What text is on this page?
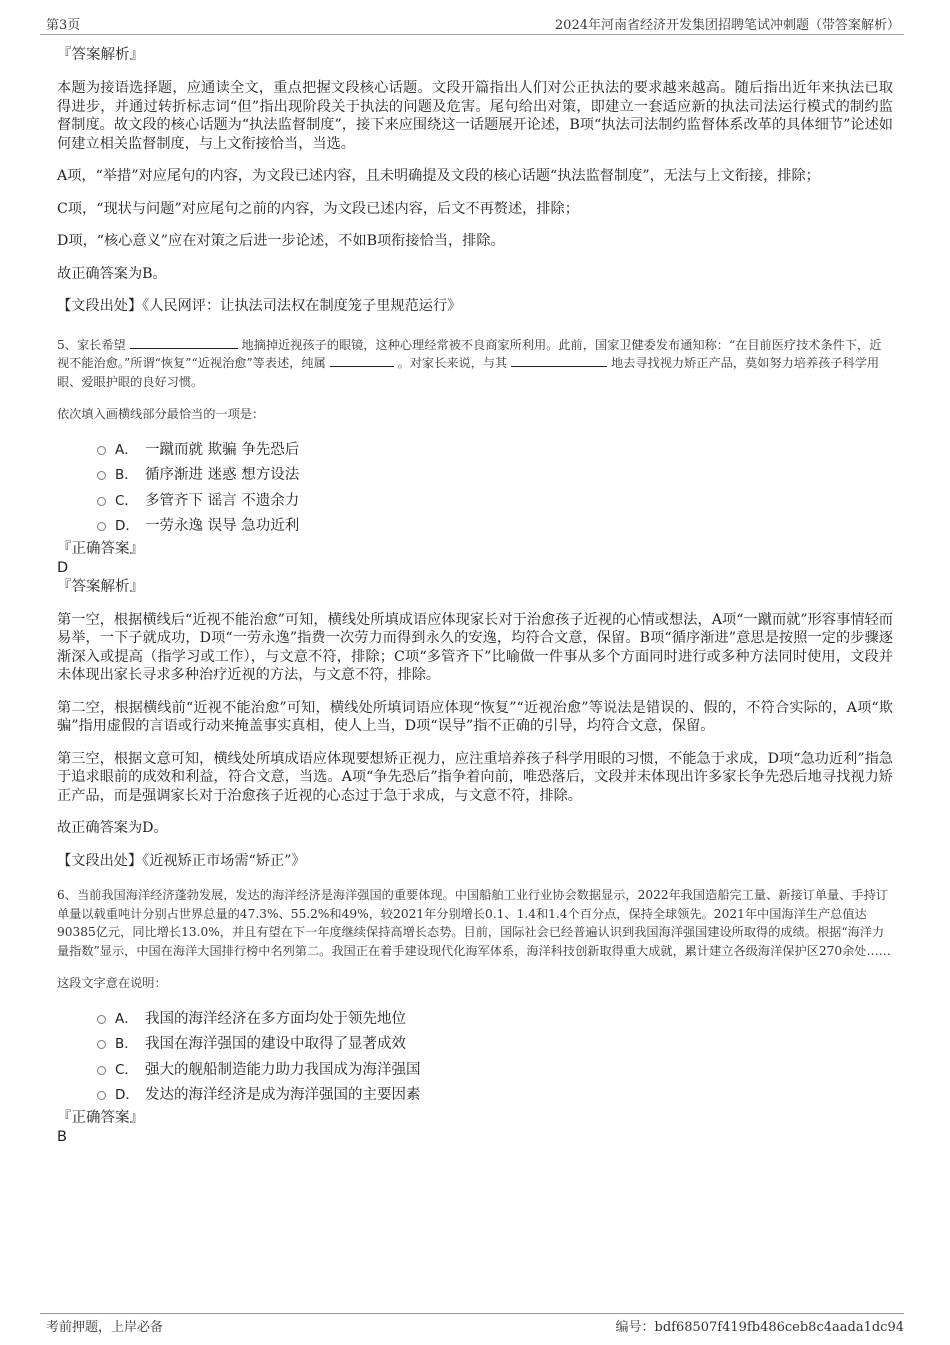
第3页	2024年河南省经济开发集团招聘笔试冲刺题（带答案解析）

『答案解析』

本题为接语选择题，应通读全文，重点把握文段核心话题。文段开篇指出人们对公正执法的要求越来越高。随后指出近年来执法已取得进步，并通过转折标志词“但”指出现阶段关于执法的问题及危害。尾句给出对策，即建立一套适应新的执法司法运行模式的制约监督制度。故文段的核心话题为“执法监督制度”，接下来应围绕这一话题展开论述，B项“执法司法制约监督体系改革的具体细节”论述如何建立相关监督制度，与上文衔接恰当，当选。

A项，“举措”对应尾句的内容，为文段已述内容，且未明确提及文段的核心话题“执法监督制度”，无法与上文衔接，排除；

C项，“现状与问题”对应尾句之前的内容，为文段已述内容，后文不再赘述，排除；

D项，“核心意义”应在对策之后进一步论述，不如B项衔接恰当，排除。

故正确答案为B。

【文段出处】《人民网评：让执法司法权在制度笼子里规范运行》

5、家长希望	地摘掉近视孩子的眼镜，这种心理经常被不良商家所利用。此前，国家卫健委发布通知称：“在目前医疗技术条件下，近视不能治愈。”所谓“恢复”“近视治愈”等表述，纯属	。对家长来说，与其	地去寻找视力矫正产品，莫如努力培养孩子科学用眼、爱眼护眼的良好习惯。

依次填入画横线部分最恰当的一项是：

A． 一蹴而就 欺骗 争先恐后
B． 循序渐进 迷惑 想方设法
C． 多管齐下 谣言 不遗余力
D． 一劳永逸 误导 急功近利

『正确答案』

D

『答案解析』

第一空，根据横线后“近视不能治愈”可知，横线处所填成语应体现家长对于治愈孩子近视的心情或想法，A项“一蹴而就”形容事情轻而易举，一下子就成功，D项“一劳永逸”指费一次劳力而得到永久的安逸，均符合文意，保留。B项“循序渐进”意思是按照一定的步骤逐渐深入或提高（指学习或工作），与文意不符，排除；C项“多管齐下”比喻做一件事从多个方面同时进行或多种方法同时使用，文段并未体现出家长寻求多种治疗近视的方法，与文意不符，排除。

第二空，根据横线前“近视不能治愈”可知，横线处所填词语应体现“恢复”“近视治愈”等说法是错误的、假的，不符合实际的，A项“欺骗”指用虚假的言语或行动来掩盖事实真相，使人上当，D项“误导”指不正确的引导，均符合文意，保留。

第三空，根据文意可知，横线处所填成语应体现要想矫正视力，应注重培养孩子科学用眼的习惯，不能急于求成，D项“急功近利”指急于追求眼前的成效和利益，符合文意，当选。A项“争先恐后”指争着向前，唯恐落后，文段并未体现出许多家长争先恐后地寻找视力矫正产品，而是强调家长对于治愈孩子近视的心态过于急于求成，与文意不符，排除。

故正确答案为D。

【文段出处】《近视矫正市场需“矫正”》

6、当前我国海洋经济蓬勃发展，发达的海洋经济是海洋强国的重要体现。中国船舶工业行业协会数据显示，2022年我国造船完工量、新接订单量、手持订单量以载重吨计分别占世界总量的47.3%、55.2%和49%，较2021年分别增长0.1、1.4和1.4个百分点，保持全球领先。2021年中国海洋生产总值达90385亿元，同比增长13.0%，并且有望在下一年度继续保持高增长态势。目前，国际社会已经普遍认识到我国海洋强国建设所取得的成绩。根据“海洋力量指数”显示，中国在海洋大国排行榜中名列第二。我国正在着手建设现代化海军体系，海洋科技创新取得重大成就，累计建立各级海洋保护区270余处……

这段文字意在说明：

A． 我国的海洋经济在多方面均处于领先地位
B． 我国在海洋强国的建设中取得了显著成效
C． 强大的舰船制造能力助力我国成为海洋强国
D． 发达的海洋经济是成为海洋强国的主要因素

『正确答案』

B

考前押题，上岸必备	编号：bdf68507f419fb486ceb8c4aada1dc94
